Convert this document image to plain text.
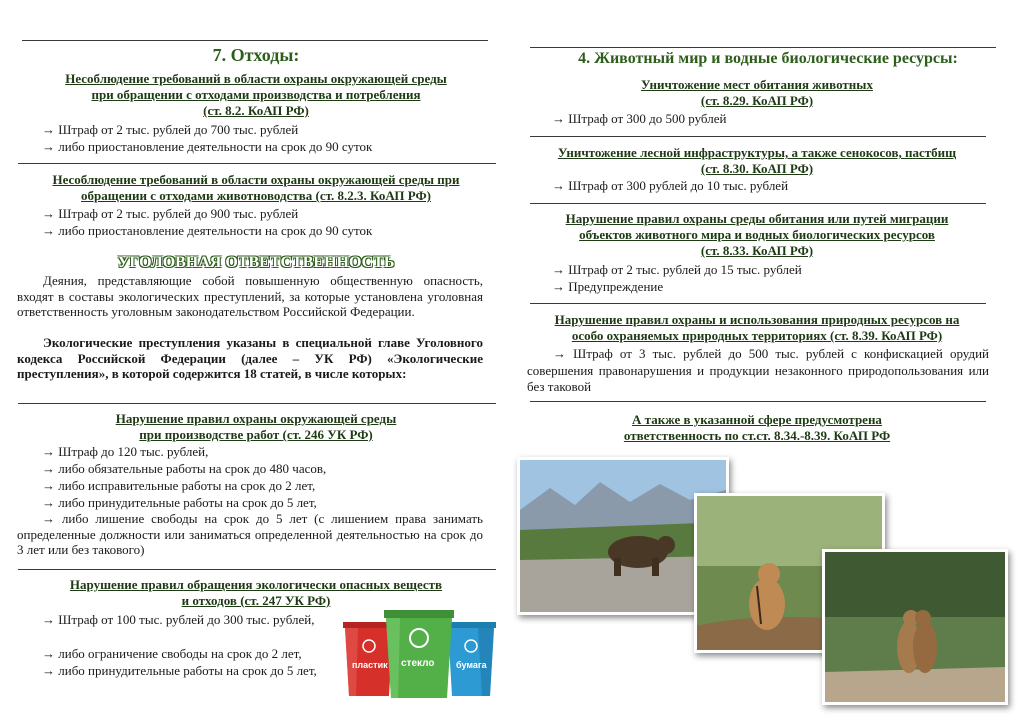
7. Отходы:
Несоблюдение требований в области охраны окружающей среды
при обращении с отходами производства и потребления
(ст. 8.2. КоАП РФ)
→ Штраф от 2 тыс. рублей до 700 тыс. рублей
→ либо приостановление деятельности на срок до 90 суток
Несоблюдение требований в области охраны окружающей среды при
обращении с отходами животноводства (ст. 8.2.3. КоАП РФ)
→ Штраф от 2 тыс. рублей до 900 тыс. рублей
→ либо приостановление деятельности на срок до 90 суток
УГОЛОВНАЯ ОТВЕТСТВЕННОСТЬ
Деяния, представляющие собой повышенную общественную опасность, входят в составы экологических преступлений, за которые установлена уголовная ответственность уголовным законодательством Российской Федерации.
Экологические преступления указаны в специальной главе Уголовного кодекса Российской Федерации (далее – УК РФ) «Экологические преступления», в которой содержится 18 статей, в числе которых:
Нарушение правил охраны окружающей среды
при производстве работ (ст. 246 УК РФ)
→ Штраф до 120 тыс. рублей,
→ либо обязательные работы на срок до 480 часов,
→ либо исправительные работы на срок до 2 лет,
→ либо принудительные работы на срок до 5 лет,
→ либо лишение свободы на срок до 5 лет (с лишением права занимать определенные должности или заниматься определенной деятельностью на срок до 3 лет или без такового)
Нарушение правил обращения экологически опасных веществ
и отходов (ст. 247 УК РФ)
→ Штраф от 100 тыс. рублей до 300 тыс. рублей,
→ либо ограничение свободы на срок до 2 лет,
→ либо принудительные работы на срок до 5 лет,	пластик стекло бумага
4. Животный мир и водные биологические ресурсы:
Уничтожение мест обитания животных
(ст. 8.29. КоАП РФ)
→ Штраф от 300 до 500 рублей
Уничтожение лесной инфраструктуры, а также сенокосов, пастбищ
(ст. 8.30. КоАП РФ)
→ Штраф от 300 рублей до 10 тыс. рублей
Нарушение правил охраны среды обитания или путей миграции
объектов животного мира и водных биологических ресурсов
(ст. 8.33. КоАП РФ)
→ Штраф от 2 тыс. рублей до 15 тыс. рублей
→ Предупреждение
Нарушение правил охраны и использования природных ресурсов на
особо охраняемых природных территориях (ст. 8.39. КоАП РФ)
→ Штраф от 3 тыс. рублей до 500 тыс. рублей с конфискацией орудий совершения правонарушения и продукции незаконного природопользования или без таковой
А также в указанной сфере предусмотрена
ответственность по ст.ст. 8.34.-8.39. КоАП РФ
